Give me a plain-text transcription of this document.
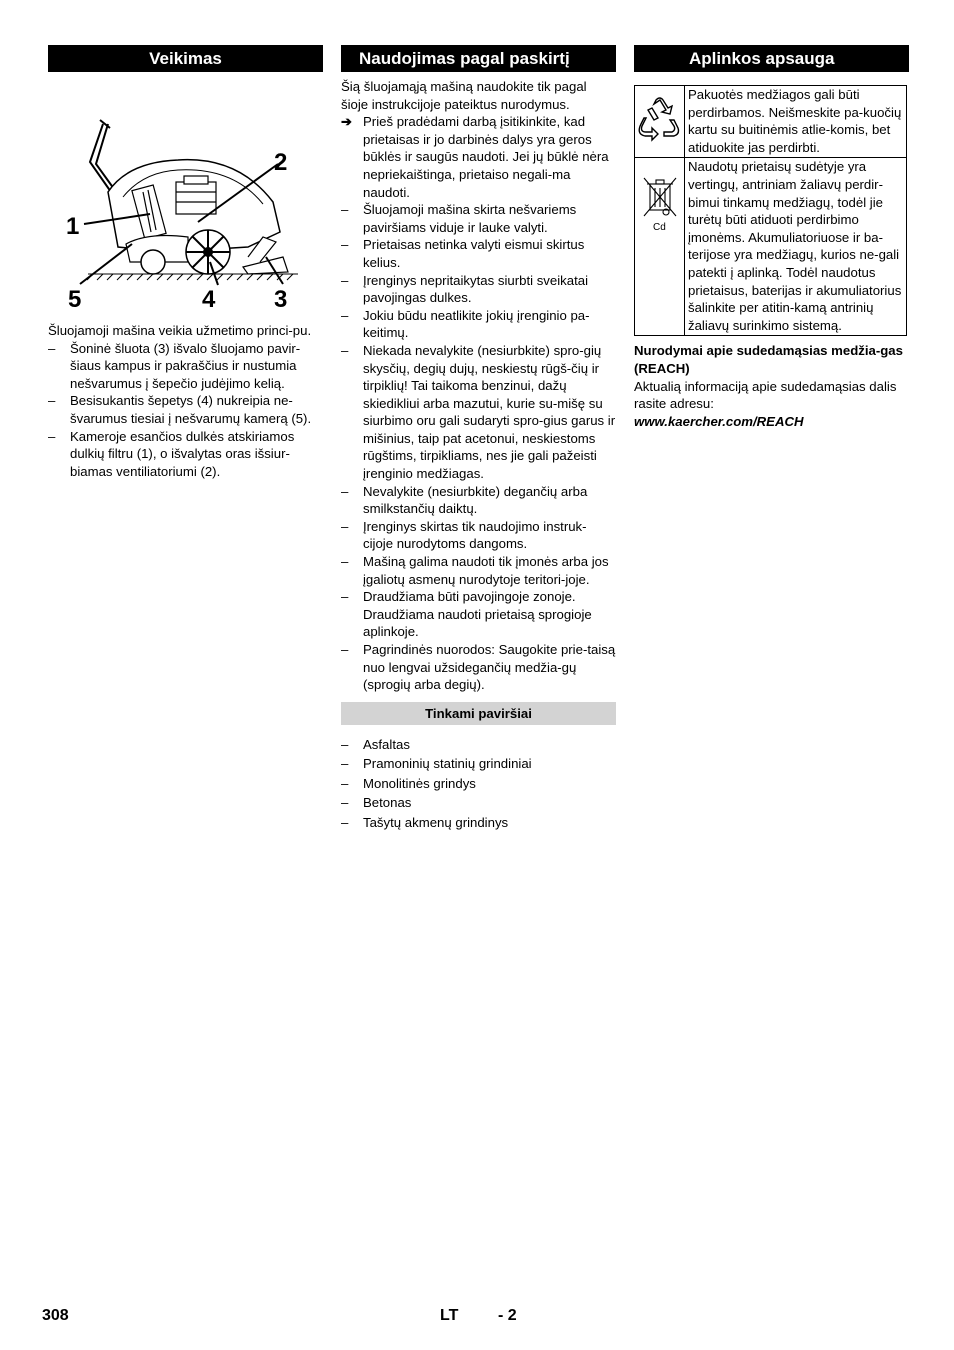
Veikimas
1
2
3
4
5

Šluojamoji mašina veikia užmetimo princi-pu.

– Šoninė šluota (3) išvalo šluojamo pavir-šiaus kampus ir pakraščius ir nustumia nešvarumus į šepečio judėjimo kelią.
– Besisukantis šepetys (4) nukreipia ne-švarumus tiesiai į nešvarumų kamerą (5).
– Kameroje esančios dulkės atskiriamos dulkių filtru (1), o išvalytas oras išsiur-biamas ventiliatoriumi (2).
Naudojimas pagal paskirtį

Šią šluojamąją mašiną naudokite tik pagal šioje instrukcijoje pateiktus nurodymus.

➔ Prieš pradėdami darbą įsitikinkite, kad prietaisas ir jo darbinės dalys yra geros būklės ir saugūs naudoti. Jei jų būklė nėra nepriekaištinga, prietaiso negali-ma naudoti.
– Šluojamoji mašina skirta nešvariems paviršiams viduje ir lauke valyti.
– Prietaisas netinka valyti eismui skirtus kelius.
– Įrenginys nepritaikytas siurbti sveikatai pavojingas dulkes.
– Jokiu būdu neatlikite jokių įrenginio pa-keitimų.
– Niekada nevalykite (nesiurbkite) spro-gių skysčių, degių dujų, neskiestų rūgš-čių ir tirpiklių! Tai taikoma benzinui, dažų skiedikliui arba mazutui, kurie su-mišę su siurbimo oru gali sudaryti spro-gius garus ir mišinius, taip pat acetonui, neskiestoms rūgštims, tirpikliams, nes jie gali pažeisti įrenginio medžiagas.
– Nevalykite (nesiurbkite) degančių arba smilkstančių daiktų.
– Įrenginys skirtas tik naudojimo instruk-cijoje nurodytoms dangoms.
– Mašiną galima naudoti tik įmonės arba jos įgaliotų asmenų nurodytoje teritori-joje.
– Draudžiama būti pavojingoje zonoje. Draudžiama naudoti prietaisą sprogioje aplinkoje.
– Pagrindinės nuorodos: Saugokite prie-taisą nuo lengvai užsidegančių medžia-gų (sprogių arba degių).
Tinkami paviršiai
– Asfaltas
– Pramoninių statinių grindiniai
– Monolitinės grindys
– Betonas
– Tašytų akmenų grindinys
Aplinkos apsauga
	Pakuotės medžiagos gali būti perdirbamos. Neišmeskite pa-kuočių kartu su buitinėmis atlie-komis, bet atiduokite jas perdirbti.

Cd	Naudotų prietaisų sudėtyje yra vertingų, antriniam žaliavų perdir-bimui tinkamų medžiagų, todėl jie turėtų būti atiduoti perdirbimo įmonėms. Akumuliatoriuose ir ba-terijose yra medžiagų, kurios ne-gali patekti į aplinką. Todėl naudotus prietaisus, baterijas ir akumuliatorius šalinkite per atitin-kamą antrinių žaliavų surinkimo sistemą.

Nurodymai apie sudedamąsias medžia-gas (REACH)

Aktualią informaciją apie sudedamąsias dalis rasite adresu:

www.kaercher.com/REACH

308	LT - 2
